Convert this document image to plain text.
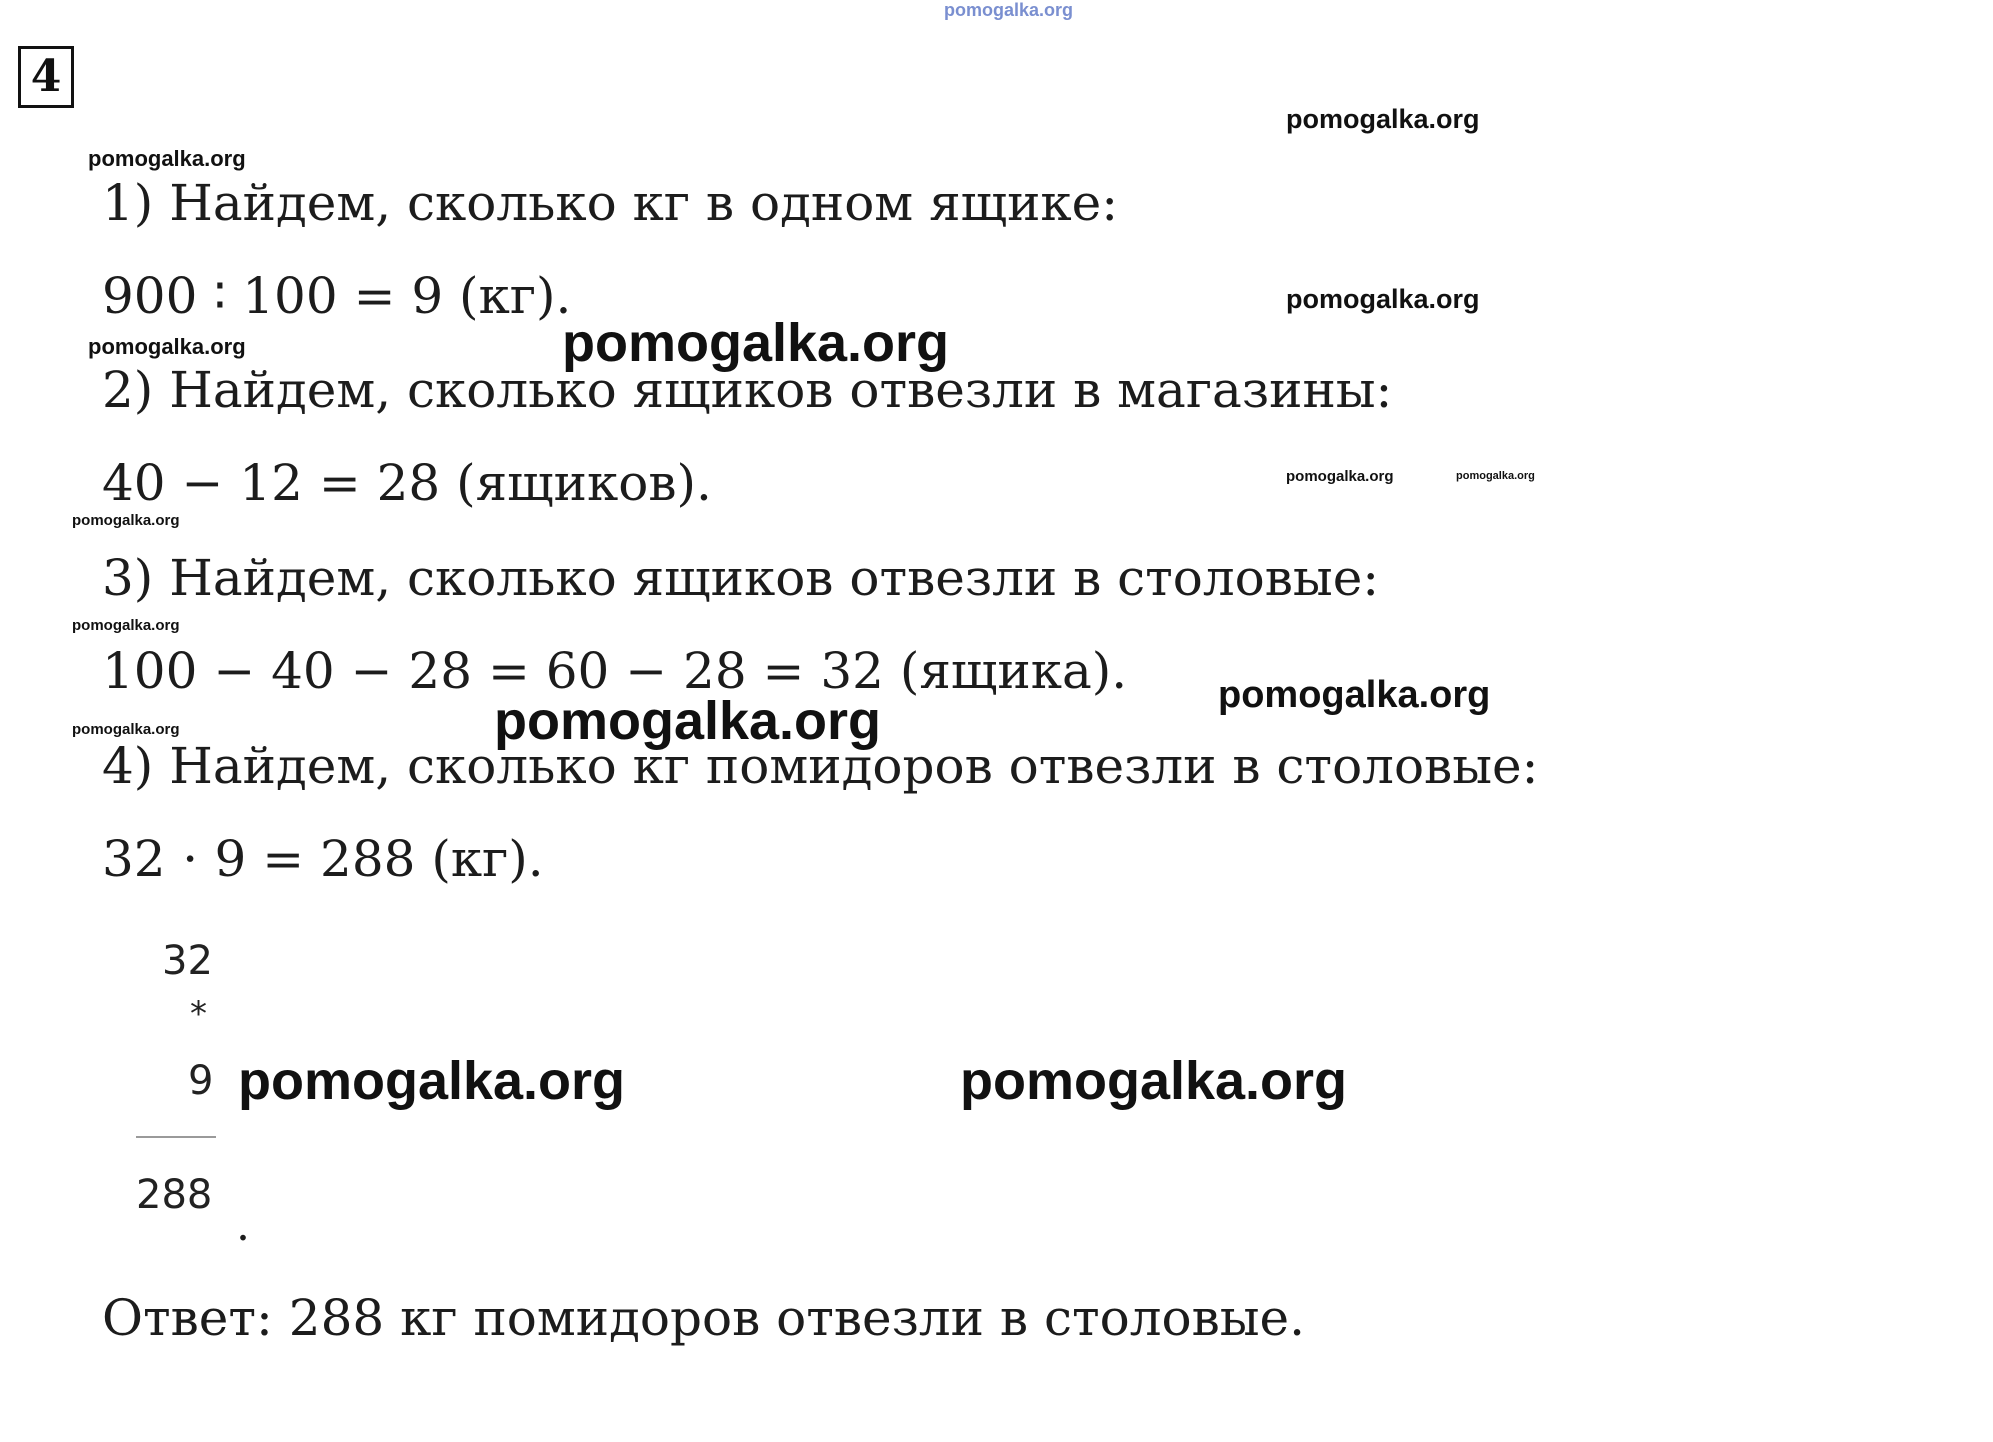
4
1) Найдем, сколько кг в одном ящике:
900 ∶ 100 = 9 (кг).
2) Найдем, сколько ящиков отвезли в магазины:
40 − 12 = 28 (ящиков).
3) Найдем, сколько ящиков отвезли в столовые:
100 − 40 − 28 = 60 − 28 = 32 (ящика).
4) Найдем, сколько кг помидоров отвезли в столовые:
32 ⋅ 9 = 288 (кг).
32
*
9
288
.
Ответ: 288 кг помидоров отвезли в столовые.
pomogalka.org
pomogalka.org
pomogalka.org
pomogalka.org
pomogalka.org
pomogalka.org
pomogalka.org	pomogalka.org
pomogalka.org
pomogalka.org
pomogalka.org
pomogalka.org
pomogalka.org
pomogalka.org	pomogalka.org
